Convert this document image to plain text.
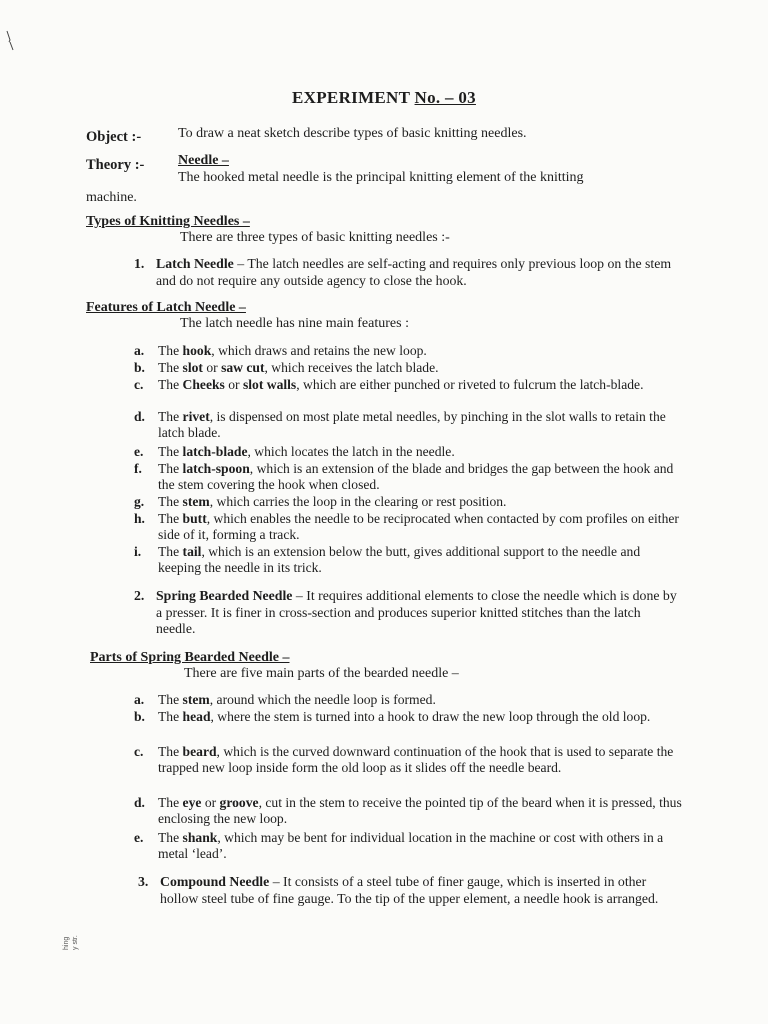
EXPERIMENT No. – 03
Object :-	To draw a neat sketch describe types of basic knitting needles.
Theory :- Needle –
The hooked metal needle is the principal knitting element of the knitting
machine.
Types of Knitting Needles –
There are three types of basic knitting needles :-
1. Latch Needle – The latch needles are self-acting and requires only previous loop on the stem and do not require any outside agency to close the hook.
Features of Latch Needle –
The latch needle has nine main features :
a.	The hook, which draws and retains the new loop.
b. The slot or saw cut, which receives the latch blade.
c.	The Cheeks or slot walls, which are either punched or riveted to fulcrum the latch-blade.
d. The rivet, is dispensed on most plate metal needles, by pinching in the slot walls to retain the latch blade.
e.	The latch-blade, which locates the latch in the needle.
f.	The latch-spoon, which is an extension of the blade and bridges the gap between the hook and the stem covering the hook when closed.
g.	The stem, which carries the loop in the clearing or rest position.
h. The butt, which enables the needle to be reciprocated when contacted by com profiles on either side of it, forming a track.
i.	The tail, which is an extension below the butt, gives additional support to the needle and keeping the needle in its trick.
2. Spring Bearded Needle – It requires additional elements to close the needle which is done by a presser. It is finer in cross-section and produces superior knitted stitches than the latch needle.
Parts of Spring Bearded Needle –
There are five main parts of the bearded needle –
a.	The stem, around which the needle loop is formed.
b. The head, where the stem is turned into a hook to draw the new loop through the old loop.
c.	The beard, which is the curved downward continuation of the hook that is used to separate the trapped new loop inside form the old loop as it slides off the needle beard.
d. The eye or groove, cut in the stem to receive the pointed tip of the beard when it is pressed, thus enclosing the new loop.
e.	The shank, which may be bent for individual location in the machine or cost with others in a metal ‘lead’.
3. Compound Needle – It consists of a steel tube of finer gauge, which is inserted in other hollow steel tube of fine gauge. To the tip of the upper element, a needle hook is arranged.
hing y str.
